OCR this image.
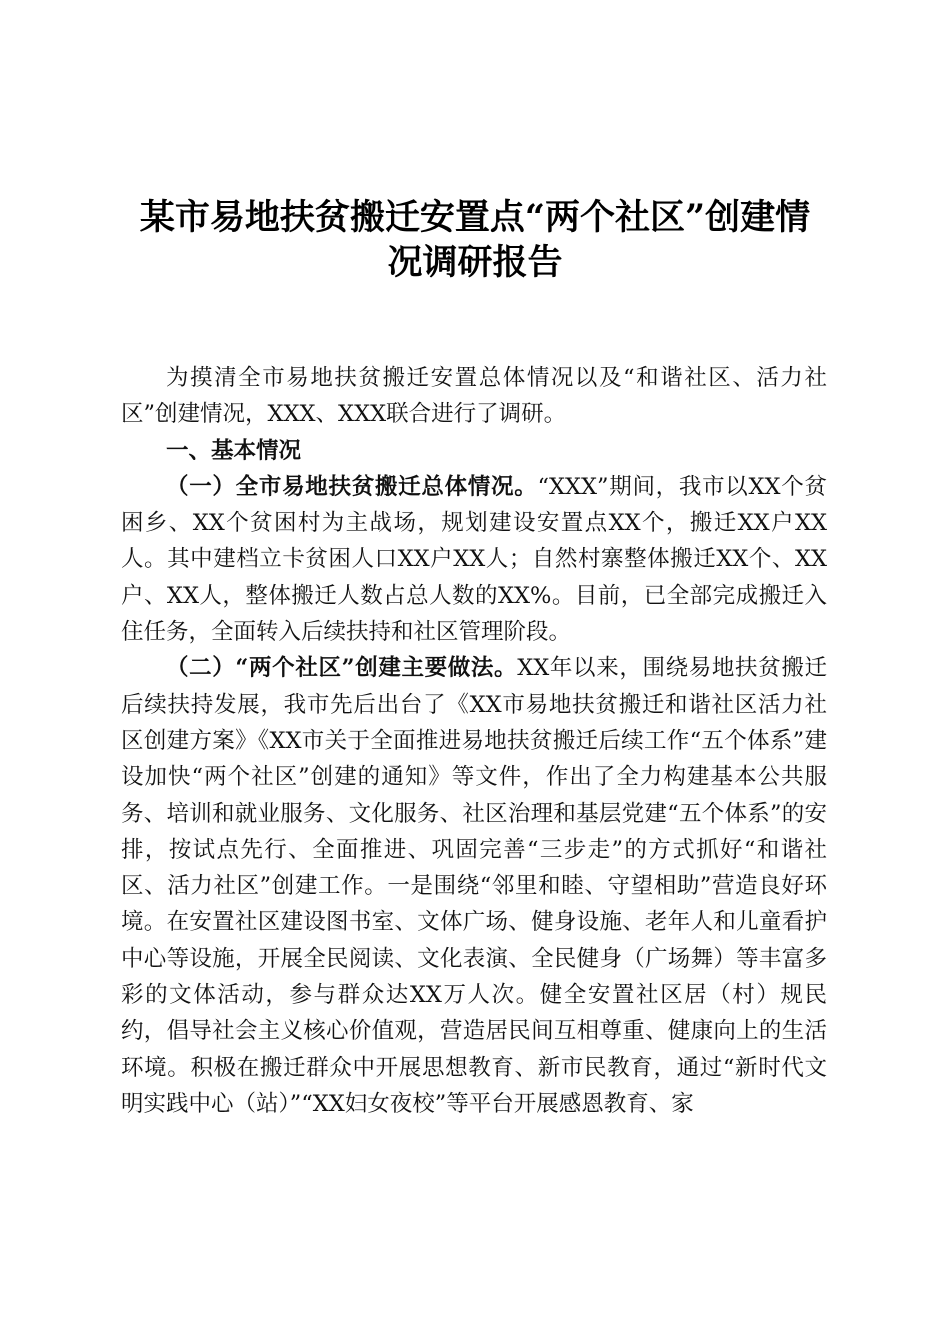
某市易地扶贫搬迁安置点“两个社区”创建情
况调研报告

为摸清全市易地扶贫搬迁安置总体情况以及“和谐社区、活力社区”创建情况，XXX、XXX联合进行了调研。

一、基本情况

（一）全市易地扶贫搬迁总体情况。“XXX”期间，我市以XX个贫困乡、XX个贫困村为主战场，规划建设安置点XX个，搬迁XX户XX人。其中建档立卡贫困人口XX户XX人；自然村寨整体搬迁XX个、XX户、XX人，整体搬迁人数占总人数的XX%。目前，已全部完成搬迁入住任务，全面转入后续扶持和社区管理阶段。

（二）“两个社区”创建主要做法。XX年以来，围绕易地扶贫搬迁后续扶持发展，我市先后出台了《XX市易地扶贫搬迁和谐社区活力社区创建方案》《XX市关于全面推进易地扶贫搬迁后续工作“五个体系”建设加快“两个社区”创建的通知》等文件，作出了全力构建基本公共服务、培训和就业服务、文化服务、社区治理和基层党建“五个体系”的安排，按试点先行、全面推进、巩固完善“三步走”的方式抓好“和谐社区、活力社区”创建工作。一是围绕“邻里和睦、守望相助”营造良好环境。在安置社区建设图书室、文体广场、健身设施、老年人和儿童看护中心等设施，开展全民阅读、文化表演、全民健身（广场舞）等丰富多彩的文体活动，参与群众达XX万人次。健全安置社区居（村）规民约，倡导社会主义核心价值观，营造居民间互相尊重、健康向上的生活环境。积极在搬迁群众中开展思想教育、新市民教育，通过“新时代文明实践中心（站）”“XX妇女夜校”等平台开展感恩教育、家
